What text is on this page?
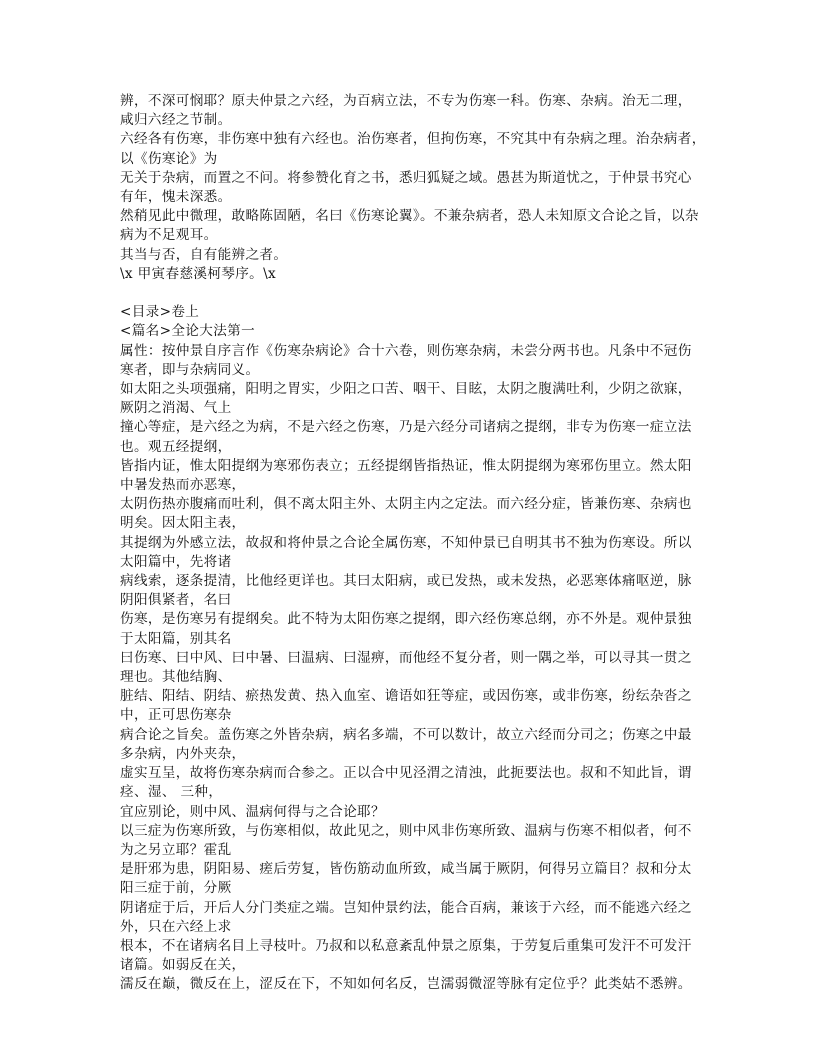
辨，不深可悯耶？原夫仲景之六经，为百病立法，不专为伤寒一科。伤寒、杂病。治无二理，
咸归六经之节制。
六经各有伤寒，非伤寒中独有六经也。治伤寒者，但拘伤寒，不究其中有杂病之理。治杂病者，
以《伤寒论》为
无关于杂病，而置之不问。将参赞化育之书，悉归狐疑之域。愚甚为斯道忧之，于仲景书究心
有年，愧未深悉。
然稍见此中微理，敢略陈固陋，名曰《伤寒论翼》。不兼杂病者，恐人未知原文合论之旨，以杂
病为不足观耳。
其当与否，自有能辨之者。
\x 甲寅春慈溪柯琴序。\x
<目录>卷上
<篇名>全论大法第一
属性：按仲景自序言作《伤寒杂病论》合十六卷，则伤寒杂病，未尝分两书也。凡条中不冠伤
寒者，即与杂病同义。
如太阳之头项强痛，阳明之胃实，少阳之口苦、咽干、目眩，太阴之腹满吐利，少阴之欲寐，
厥阴之消渴、气上
撞心等症，是六经之为病，不是六经之伤寒，乃是六经分司诸病之提纲，非专为伤寒一症立法
也。观五经提纲，
皆指内证，惟太阳提纲为寒邪伤表立；五经提纲皆指热证，惟太阴提纲为寒邪伤里立。然太阳
中暑发热而亦恶寒，
太阴伤热亦腹痛而吐利，俱不离太阳主外、太阴主内之定法。而六经分症，皆兼伤寒、杂病也
明矣。因太阳主表，
其提纲为外感立法，故叔和将仲景之合论全属伤寒，不知仲景已自明其书不独为伤寒设。所以
太阳篇中，先将诸
病线索，逐条提清，比他经更详也。其曰太阳病，或已发热，或未发热，必恶寒体痛呕逆，脉
阴阳俱紧者，名曰
伤寒，是伤寒另有提纲矣。此不特为太阳伤寒之提纲，即六经伤寒总纲，亦不外是。观仲景独
于太阳篇，别其名
曰伤寒、曰中风、曰中暑、曰温病、曰湿痹，而他经不复分者，则一隅之举，可以寻其一贯之
理也。其他结胸、
脏结、阳结、阴结、瘀热发黄、热入血室、谵语如狂等症，或因伤寒，或非伤寒，纷纭杂沓之
中，正可思伤寒杂
病合论之旨矣。盖伤寒之外皆杂病，病名多端，不可以数计，故立六经而分司之；伤寒之中最
多杂病，内外夹杂，
虚实互呈，故将伤寒杂病而合参之。正以合中见泾渭之清浊，此扼要法也。叔和不知此旨，谓
痉、湿、 三种，
宜应别论，则中风、温病何得与之合论耶？
以三症为伤寒所致，与伤寒相似，故此见之，则中风非伤寒所致、温病与伤寒不相似者，何不
为之另立耶？霍乱
是肝邪为患，阴阳易、瘥后劳复，皆伤筋动血所致，咸当属于厥阴，何得另立篇目？叔和分太
阳三症于前，分厥
阴诸症于后，开后人分门类症之端。岂知仲景约法，能合百病，兼该于六经，而不能逃六经之
外，只在六经上求
根本，不在诸病名目上寻枝叶。乃叔和以私意紊乱仲景之原集，于劳复后重集可发汗不可发汗
诸篇。如弱反在关，
濡反在巅，微反在上，涩反在下，不知如何名反，岂濡弱微涩等脉有定位乎？此类姑不悉辨。
